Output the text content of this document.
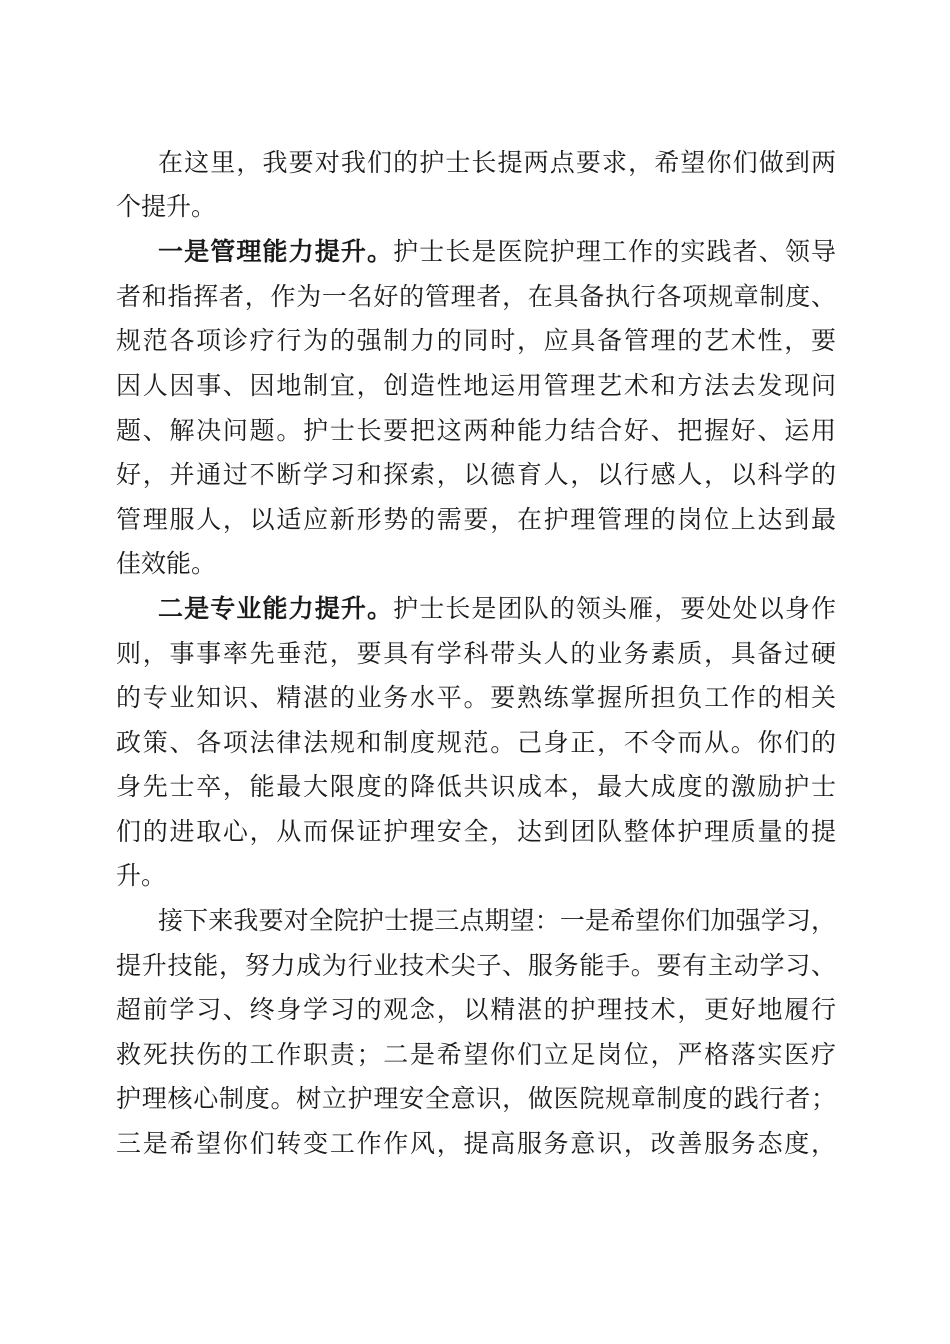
在这里，我要对我们的护士长提两点要求，希望你们做到两
个提升。
一是管理能力提升。护士长是医院护理工作的实践者、领导
者和指挥者，作为一名好的管理者，在具备执行各项规章制度、
规范各项诊疗行为的强制力的同时，应具备管理的艺术性，要
因人因事、因地制宜，创造性地运用管理艺术和方法去发现问
题、解决问题。护士长要把这两种能力结合好、把握好、运用
好，并通过不断学习和探索，以德育人，以行感人，以科学的
管理服人，以适应新形势的需要，在护理管理的岗位上达到最
佳效能。
二是专业能力提升。护士长是团队的领头雁，要处处以身作
则，事事率先垂范，要具有学科带头人的业务素质，具备过硬
的专业知识、精湛的业务水平。要熟练掌握所担负工作的相关
政策、各项法律法规和制度规范。己身正，不令而从。你们的
身先士卒，能最大限度的降低共识成本，最大成度的激励护士
们的进取心，从而保证护理安全，达到团队整体护理质量的提
升。
接下来我要对全院护士提三点期望：一是希望你们加强学习，
提升技能，努力成为行业技术尖子、服务能手。要有主动学习、
超前学习、终身学习的观念，以精湛的护理技术，更好地履行
救死扶伤的工作职责；二是希望你们立足岗位，严格落实医疗
护理核心制度。树立护理安全意识，做医院规章制度的践行者；
三是希望你们转变工作作风，提高服务意识，改善服务态度，
